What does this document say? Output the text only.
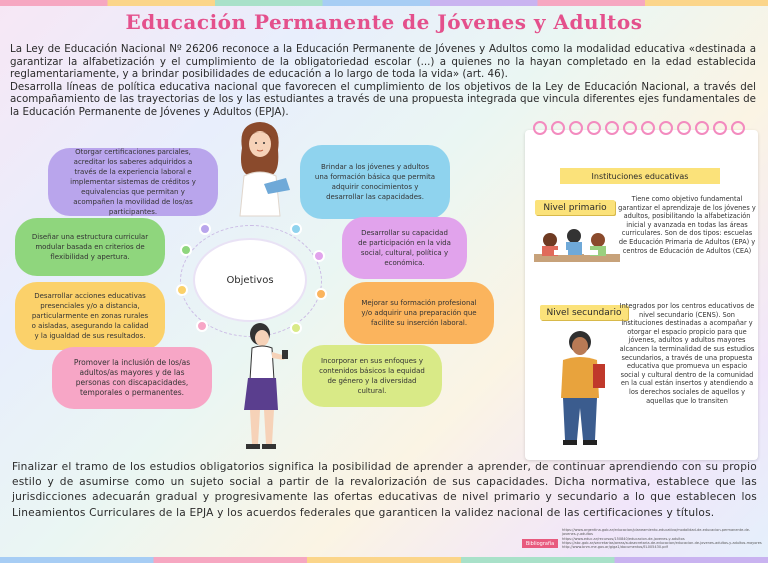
Educación Permanente de Jóvenes y Adultos

La Ley de Educación Nacional Nº 26206 reconoce a la Educación Permanente de Jóvenes y Adultos como la modalidad educativa «destinada a garantizar la alfabetización y el cumplimiento de la obligatoriedad escolar (...) a quienes no la hayan completado en la edad establecida reglamentariamente, y a brindar posibilidades de educación a lo largo de toda la vida» (art. 46).

Desarrolla líneas de política educativa nacional que favorecen el cumplimiento de los objetivos de la Ley de Educación Nacional, a través del acompañamiento de las trayectorias de los y las estudiantes a través de una propuesta integrada que vincula diferentes ejes fundamentales de la Educación Permanente de Jóvenes y Adultos (EPJA).

Objetivos
Otorgar certificaciones parciales, acreditar los saberes adquiridos a través de la experiencia laboral e implementar sistemas de créditos y equivalencias que permitan y acompañen la movilidad de los/as participantes.
Diseñar una estructura curricular modular basada en criterios de flexibilidad y apertura.
Desarrollar acciones educativas presenciales y/o a distancia, particularmente en zonas rurales o aisladas, asegurando la calidad y la igualdad de sus resultados.
Promover la inclusión de los/as adultos/as mayores y de las personas con discapacidades, temporales o permanentes.
Brindar a los jóvenes y adultos una formación básica que permita adquirir conocimientos y desarrollar las capacidades.
Desarrollar su capacidad de participación en la vida social, cultural, política y económica.
Mejorar su formación profesional y/o adquirir una preparación que facilite su inserción laboral.
Incorporar en sus enfoques y contenidos básicos la equidad de género y la diversidad cultural.
Instituciones educativas
Nivel primario
Tiene como objetivo fundamental garantizar el aprendizaje de los jóvenes y adultos, posibilitando la alfabetización inicial y avanzada en todas las áreas curriculares. Son de dos tipos: escuelas de Educación Primaria de Adultos (EPA) y centros de Educación de Adultos (CEA)
Nivel secundario
Integrados por los centros educativos de nivel secundario (CENS). Son instituciones destinadas a acompañar y otorgar el espacio propicio para que jóvenes, adultos y adultos mayores alcancen la terminalidad de sus estudios secundarios, a través de una propuesta educativa que promueva un espacio social y cultural dentro de la comunidad en la cual están insertos y atendiendo a los derechos sociales de aquellos y aquellas que lo transiten
Finalizar el tramo de los estudios obligatorios significa la posibilidad de aprender a aprender, de continuar aprendiendo con su propio estilo y de asumirse como un sujeto social a partir de la revalorización de sus capacidades. Dicha normativa, establece que las jurisdicciones adecuarán gradual y progresivamente las ofertas educativas de nivel primario y secundario a lo que establecen los Lineamientos Curriculares de la EPJA y los acuerdos federales que garanticen la validez nacional de las certificaciones y títulos.
Bibliografía
https://www.argentina.gob.ar/educacion/planeamiento-educativo/modalidad-de-educacion-permanente-de-jovenes-y-adultos
https://www.educ.ar/recursos/150840/educacion-de-jovenes-y-adultos
https://abc.gob.ar/secretarias/areas/subsecretaria-de-educacion/educacion-de-jovenes-adultos-y-adultos-mayores
http://www.bnm.me.gov.ar/giga1/documentos/EL005430.pdf
